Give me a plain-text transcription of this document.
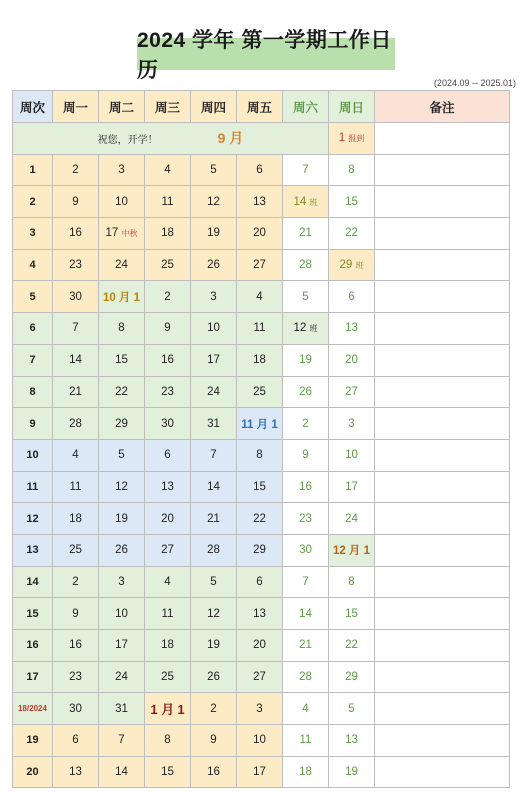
2024 学年 第一学期工作日历
(2024.09 -- 2025.01)
周次	周一	周二	周三	周四	周五	周六	周日	备注
祝您，开学！ 9 月							1 报到	
1	2	3	4	5	6	7	8	
2	9	10	11	12	13	14 班	15	
3	16	17 中秋	18	19	20	21	22	
4	23	24	25	26	27	28	29 班	
5	30	10 月 1	2	3	4	5	6	
6	7	8	9	10	11	12 班	13	
7	14	15	16	17	18	19	20	
8	21	22	23	24	25	26	27	
9	28	29	30	31	11 月 1	2	3	
10	4	5	6	7	8	9	10	
11	11	12	13	14	15	16	17	
12	18	19	20	21	22	23	24	
13	25	26	27	28	29	30	12 月 1	
14	2	3	4	5	6	7	8	
15	9	10	11	12	13	14	15	
16	16	17	18	19	20	21	22	
17	23	24	25	26	27	28	29	
18/2024	30	31	1 月 1	2	3	4	5	
19	6	7	8	9	10	11	13	
20	13	14	15	16	17	18	19	
